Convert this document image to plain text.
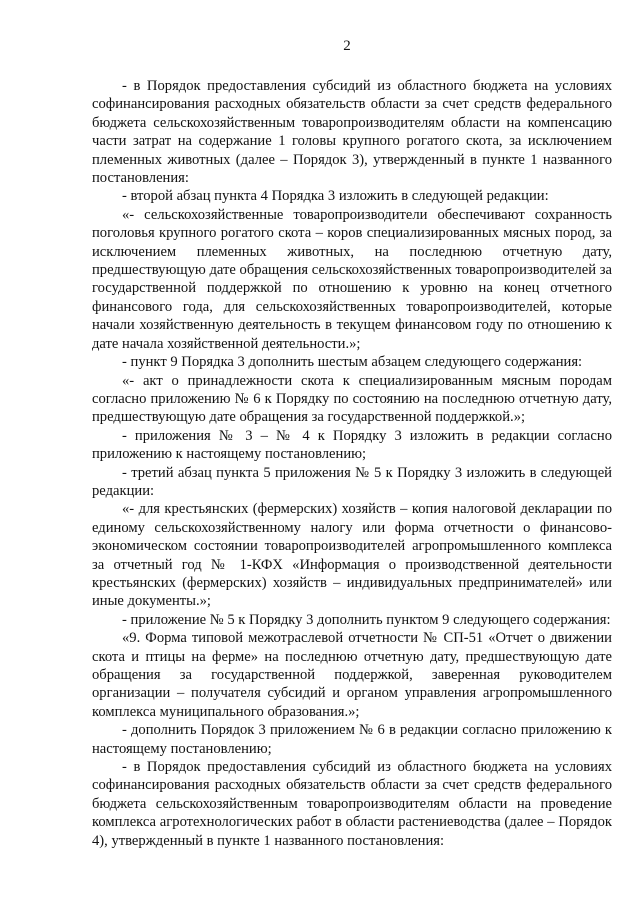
2

- в Порядок предоставления субсидий из областного бюджета на условиях софинансирования расходных обязательств области за счет средств федерального бюджета сельскохозяйственным товаропроизводителям области на компенсацию части затрат на содержание 1 головы крупного рогатого скота, за исключением племенных животных (далее – Порядок 3), утвержденный в пункте 1 названного постановления:

- второй абзац пункта 4 Порядка 3 изложить в следующей редакции:

«- сельскохозяйственные товаропроизводители обеспечивают сохранность поголовья крупного рогатого скота – коров специализированных мясных пород, за исключением племенных животных, на последнюю отчетную дату, предшествующую дате обращения сельскохозяйственных товаропроизводителей за государственной поддержкой по отношению к уровню на конец отчетного финансового года, для сельскохозяйственных товаропроизводителей, которые начали хозяйственную деятельность в текущем финансовом году по отношению к дате начала хозяйственной деятельности.»;

- пункт 9 Порядка 3 дополнить шестым абзацем следующего содержания:

«- акт о принадлежности скота к специализированным мясным породам согласно приложению № 6 к Порядку по состоянию на последнюю отчетную дату, предшествующую дате обращения за государственной поддержкой.»;

- приложения № 3 – № 4 к Порядку 3 изложить в редакции согласно приложению к настоящему постановлению;

- третий абзац пункта 5 приложения № 5 к Порядку 3 изложить в следующей редакции:

«- для крестьянских (фермерских) хозяйств – копия налоговой декларации по единому сельскохозяйственному налогу или форма отчетности о финансово-экономическом состоянии товаропроизводителей агропромышленного комплекса за отчетный год № 1-КФХ «Информация о производственной деятельности крестьянских (фермерских) хозяйств – индивидуальных предпринимателей» или иные документы.»;

- приложение № 5 к Порядку 3 дополнить пунктом 9 следующего содержания:

«9. Форма типовой межотраслевой отчетности № СП-51 «Отчет о движении скота и птицы на ферме» на последнюю отчетную дату, предшествующую дате обращения за государственной поддержкой, заверенная руководителем организации – получателя субсидий и органом управления агропромышленного комплекса муниципального образования.»;

- дополнить Порядок 3 приложением № 6 в редакции согласно приложению к настоящему постановлению;

- в Порядок предоставления субсидий из областного бюджета на условиях софинансирования расходных обязательств области за счет средств федерального бюджета сельскохозяйственным товаропроизводителям области на проведение комплекса агротехнологических работ в области растениеводства (далее – Порядок 4), утвержденный в пункте 1 названного постановления:
